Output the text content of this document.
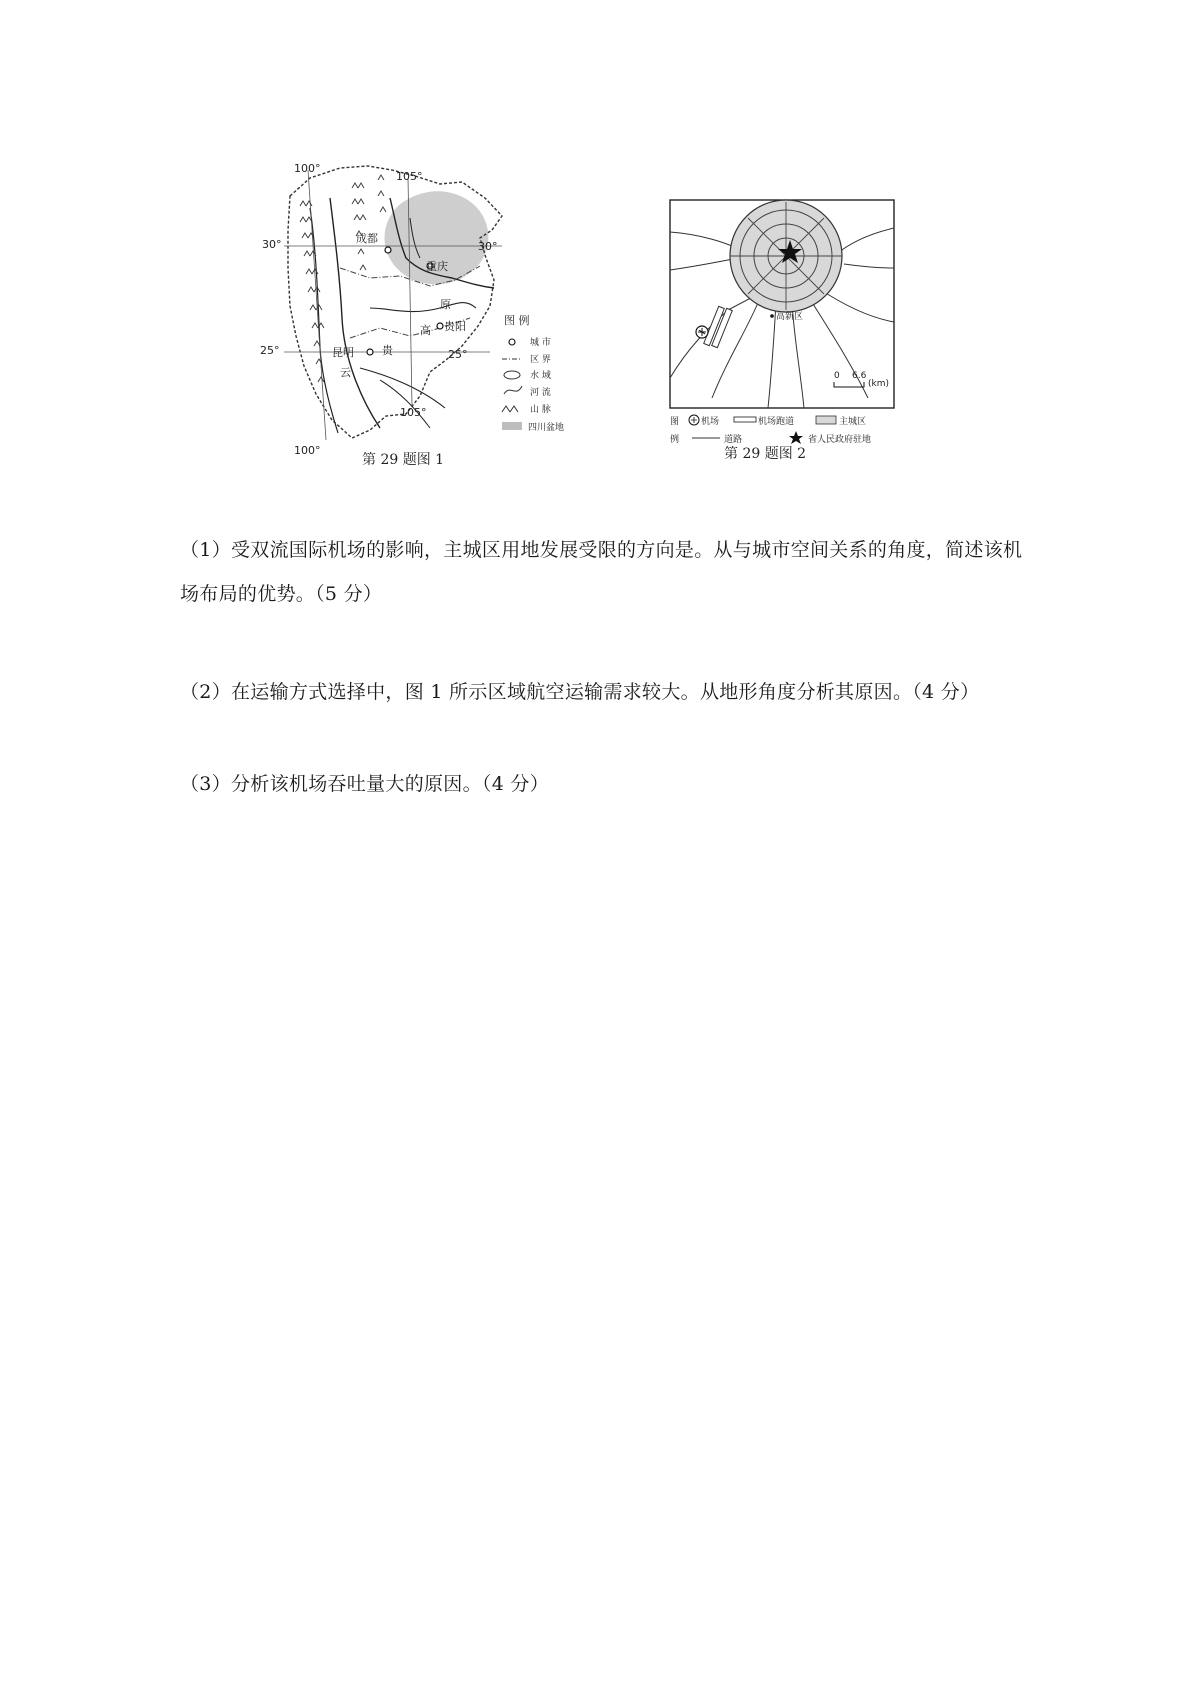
100°
105°
105°
100°
30°	30°
25°	25°
成都
重庆
贵阳
昆明
云
贵
高
原
图 例
城 市
区 界
水 域
河 流
山 脉
四川盆地
第 29 题图 1
高新区
0 6.6
(km)
图 机场	机场跑道	主城区
例	道路	省人民政府驻地
第 29 题图 2
（1）受双流国际机场的影响，主城区用地发展受限的方向是。从与城市空间关系的角度，简述该机场布局的优势。（5 分）
（2）在运输方式选择中，图 1 所示区域航空运输需求较大。从地形角度分析其原因。（4 分）
（3）分析该机场吞吐量大的原因。（4 分）
